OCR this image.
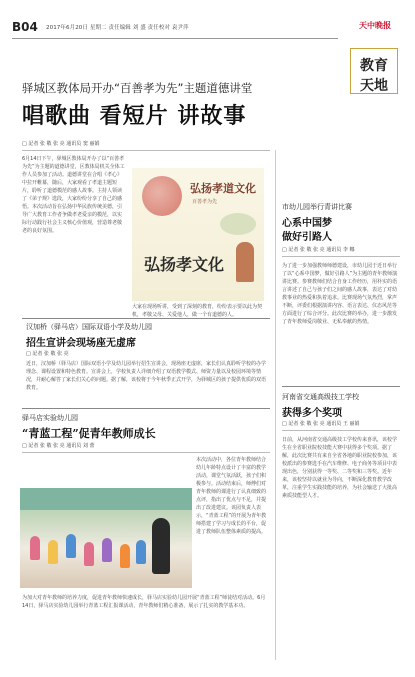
B04 2017年6月20日 星期二 责任编辑 刘 盛 责任校对 袁尹萍	天中晚报
教育
天地
驿城区教体局开办“百善孝为先”主题道德讲堂
唱歌曲 看短片 讲故事
□ 記者 张 敬 张 亮 通讯员 窦 丽娟
6月14日下午，驿城区教体局开办了以“百善孝为先”为主题的道德讲堂，区教体局机关全体工作人员参加了活动。道德讲堂在合唱《孝心》中拉开帷幕，随后，大家观看了孝道主题短片，聆听了道德模范的感人故事。主持人领读了《弟子规》选段，大家纷纷分享了自己的感悟。本次活动旨在弘扬中华民族传统美德，引导广大教育工作者争做孝老爱亲的模范，以实际行动践行社会主义核心价值观，营造尊老敬老的良好氛围。
弘扬孝道文化
百善孝为先
弘扬孝文化
大家在现场听讲，受到了深刻的教育，纷纷表示要以此为契机，孝敬父母、关爱他人，做一个有道德的人。
汉加桥（驿马店）国际双语小学及幼儿园
招生宣讲会现场座无虚席
□ 記者 张 敬 张 亮
近日，汉加桥（驿马店）国际双语小学及幼儿园举行招生宣讲会，现场座无虚席，家长们认真聆听学校的办学理念、课程设置和特色教育。宣讲会上，学校负责人详细介绍了双语教学模式、师资力量以及校园环境等情况，并耐心解答了家长们关心的问题。据了解，该校将于今年秋季正式开学，为驿城区的孩子提供优质的双语教育。
驿马店实验幼儿园
“青蓝工程”促青年教师成长
□ 記者 张 敬 张 亮 通讯员 刘 蕾
本次活动中，各位青年教师结合幼儿年龄特点设计了丰富的教学活动，课堂气氛活跃，孩子们积极参与。活动结束后，师傅们对青年教师的课进行了认真细致的点评，指出了优点与不足，并提出了改进建议。该园负责人表示，“青蓝工程”的开展为青年教师搭建了学习与成长的平台，促进了教师队伍整体素质的提高。
为加大对青年教师的培养力度，促进青年教师快速成长，驿马店实验幼儿园开展“青蓝工程”师徒结对活动。6月14日，驿马店实验幼儿园举行青蓝工程汇报课活动，青年教师们精心准备，展示了扎实的教学基本功。
市幼儿园举行青讲比赛
心系中国梦
做好引路人
□ 記者 张 敬 张 亮 通讯员 李 娜
为了进一步加强教师师德建设，市幼儿园于近日举行了以“心系中国梦，做好引路人”为主题的青年教师演讲比赛。参赛教师们结合自身工作经历，用朴实的语言讲述了自己与孩子们之间的感人故事，表达了对幼教事业的热爱和执着追求。比赛现场气氛热烈，掌声不断，评委们根据演讲内容、语言表达、仪态风范等方面进行了综合评分。此次比赛的举办，进一步激发了青年教师爱岗敬业、无私奉献的热情。
河南省交通高级技工学校
获得多个奖项
□ 記者 张 敬 张 亮 通讯员 王 丽娟
日前，从河南省交通高级技工学校传来喜讯，该校学生在全省职业院校技能大赛中获得多个奖项。据了解，此次比赛共有来自全省各地的职业院校参加，该校派出的参赛选手在汽车维修、电子商务等项目中表现出色，分别获得一等奖、二等奖和三等奖。近年来，该校坚持以就业为导向，不断深化教育教学改革，注重学生实践技能的培养，为社会输送了大批高素质技能型人才。
